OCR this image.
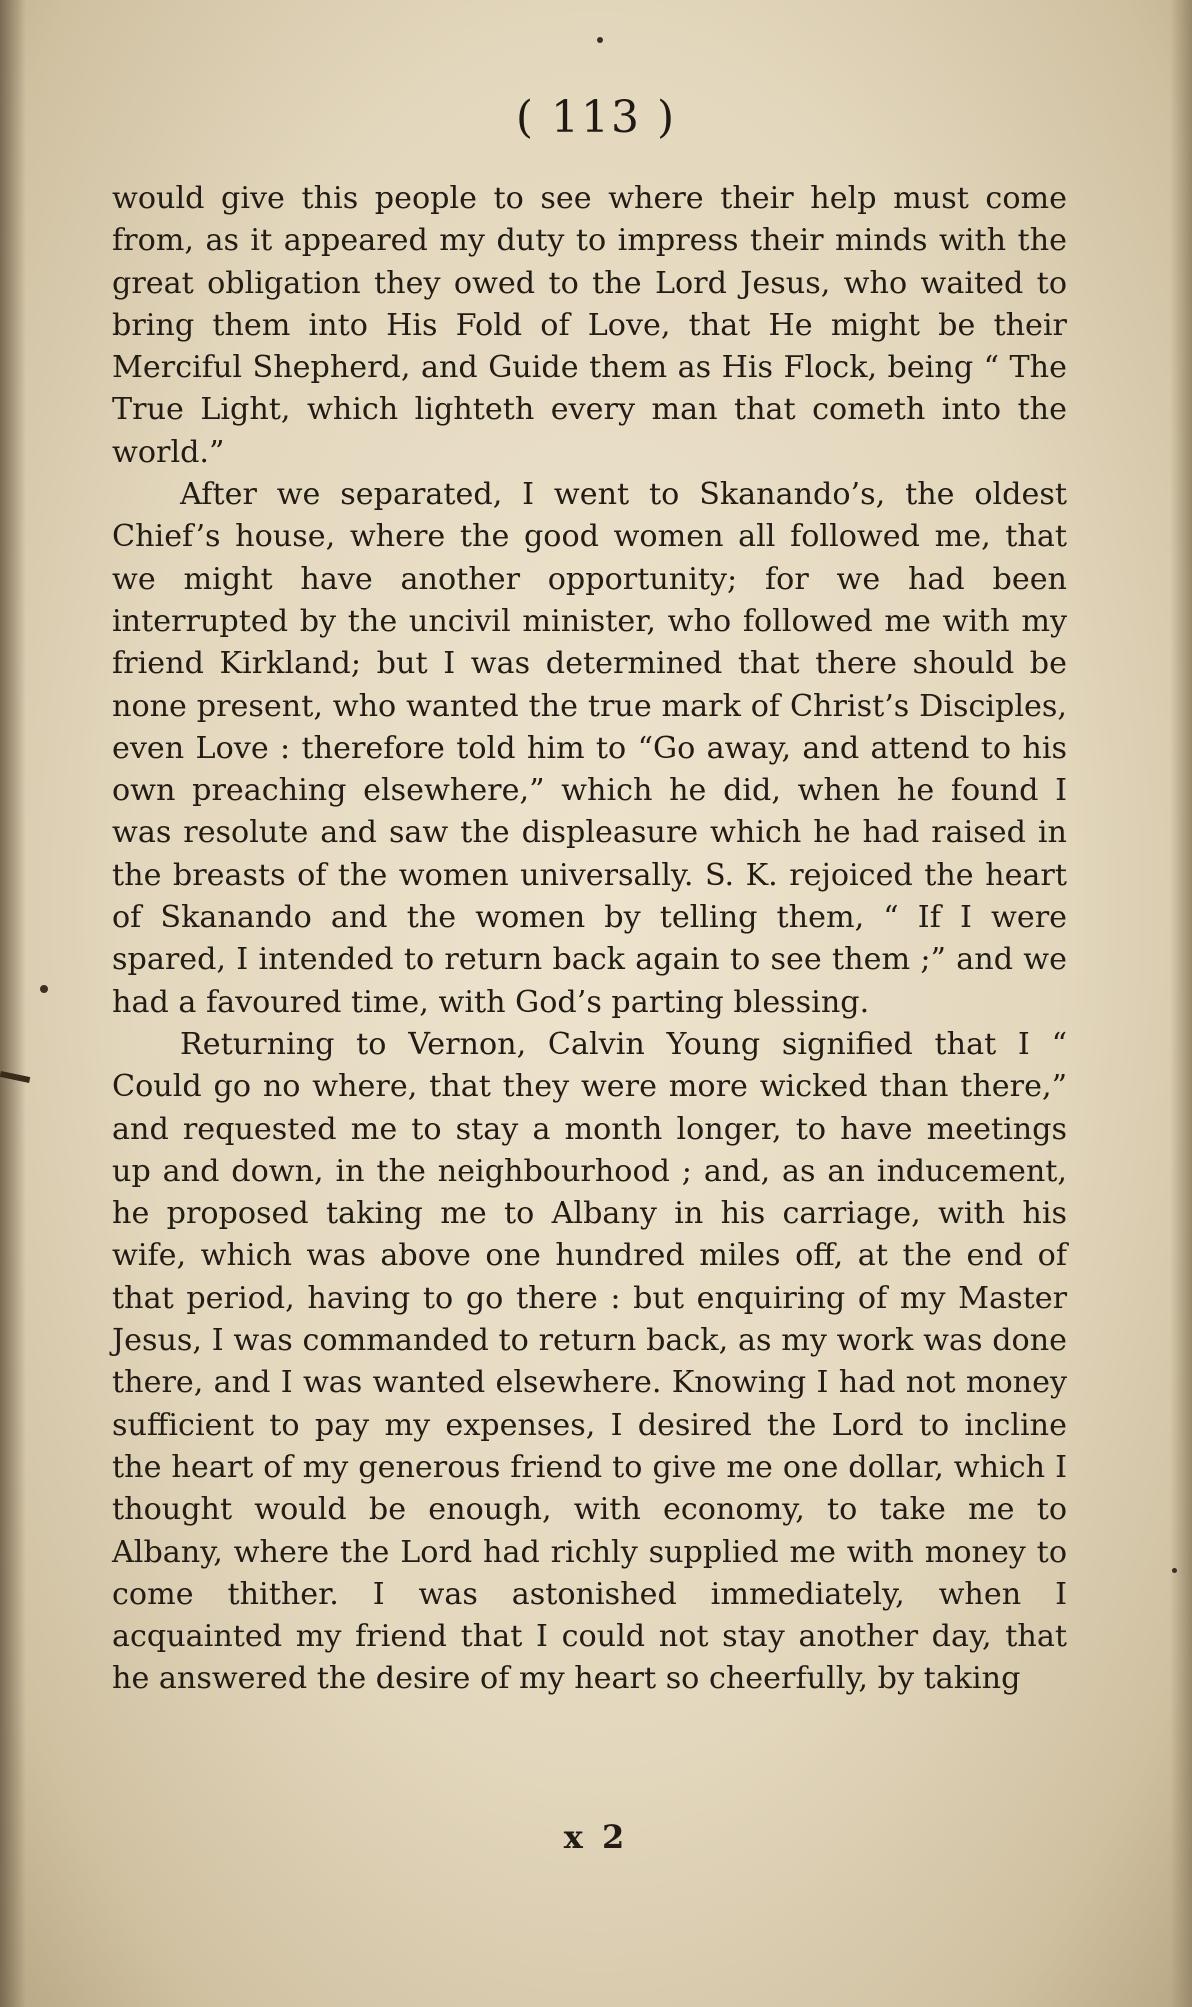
( 113 )

would give this people to see where their help must come from, as it appeared my duty to impress their minds with the great obligation they owed to the Lord Jesus, who waited to bring them into His Fold of Love, that He might be their Merciful Shepherd, and Guide them as His Flock, being “ The True Light, which lighteth every man that cometh into the world.”

After we separated, I went to Skanando’s, the oldest Chief’s house, where the good women all followed me, that we might have another opportunity; for we had been interrupted by the uncivil minister, who followed me with my friend Kirkland; but I was determined that there should be none present, who wanted the true mark of Christ’s Disciples, even Love : therefore told him to “Go away, and attend to his own preaching elsewhere,” which he did, when he found I was resolute and saw the displeasure which he had raised in the breasts of the women universally. S. K. rejoiced the heart of Skanando and the women by telling them, “ If I were spared, I intended to return back again to see them ;” and we had a favoured time, with God’s parting blessing.

Returning to Vernon, Calvin Young signified that I “ Could go no where, that they were more wicked than there,” and requested me to stay a month longer, to have meetings up and down, in the neighbourhood ; and, as an inducement, he proposed taking me to Albany in his carriage, with his wife, which was above one hundred miles off, at the end of that period, having to go there : but enquiring of my Master Jesus, I was commanded to return back, as my work was done there, and I was wanted elsewhere. Knowing I had not money sufficient to pay my expenses, I desired the Lord to incline the heart of my generous friend to give me one dollar, which I thought would be enough, with economy, to take me to Albany, where the Lord had richly supplied me with money to come thither. I was astonished immediately, when I acquainted my friend that I could not stay another day, that he answered the desire of my heart so cheerfully, by taking

x 2
